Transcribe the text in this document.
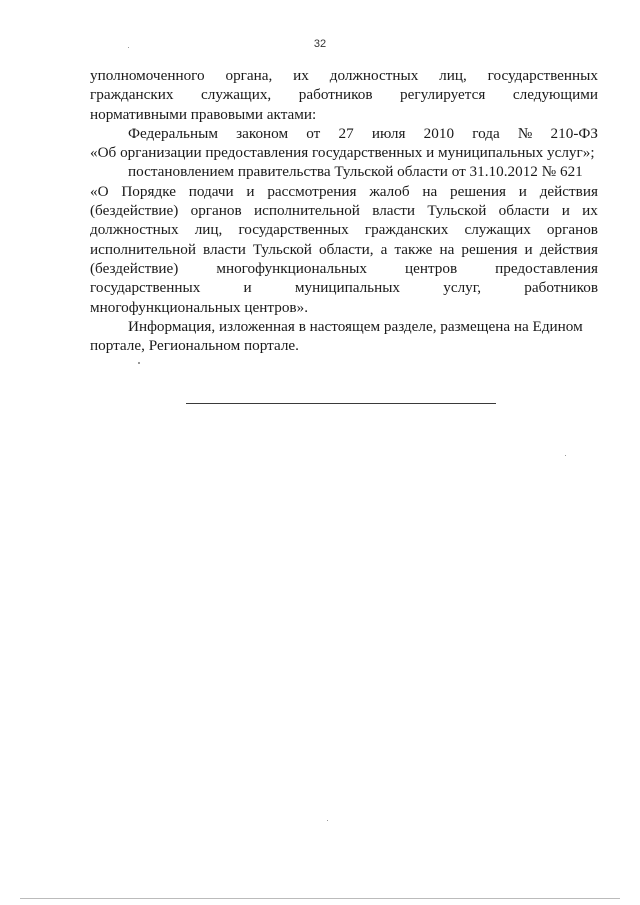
32
уполномоченного органа, их должностных лиц, государственных
гражданских служащих, работников регулируется следующими
нормативными правовыми актами:
Федеральным законом от 27 июля 2010 года № 210-ФЗ
«Об организации предоставления государственных и муниципальных услуг»;
постановлением правительства Тульской области от 31.10.2012 № 621
«О Порядке подачи и рассмотрения жалоб на решения и действия
(бездействие) органов исполнительной власти Тульской области и их
должностных лиц, государственных гражданских служащих органов
исполнительной власти Тульской области, а также на решения и действия
(бездействие)	многофункциональных	центров	предоставления
государственных	и	муниципальных	услуг,	работников
многофункциональных центров».
Информация, изложенная в настоящем разделе, размещена на Едином
порталe, Региональном портале.
